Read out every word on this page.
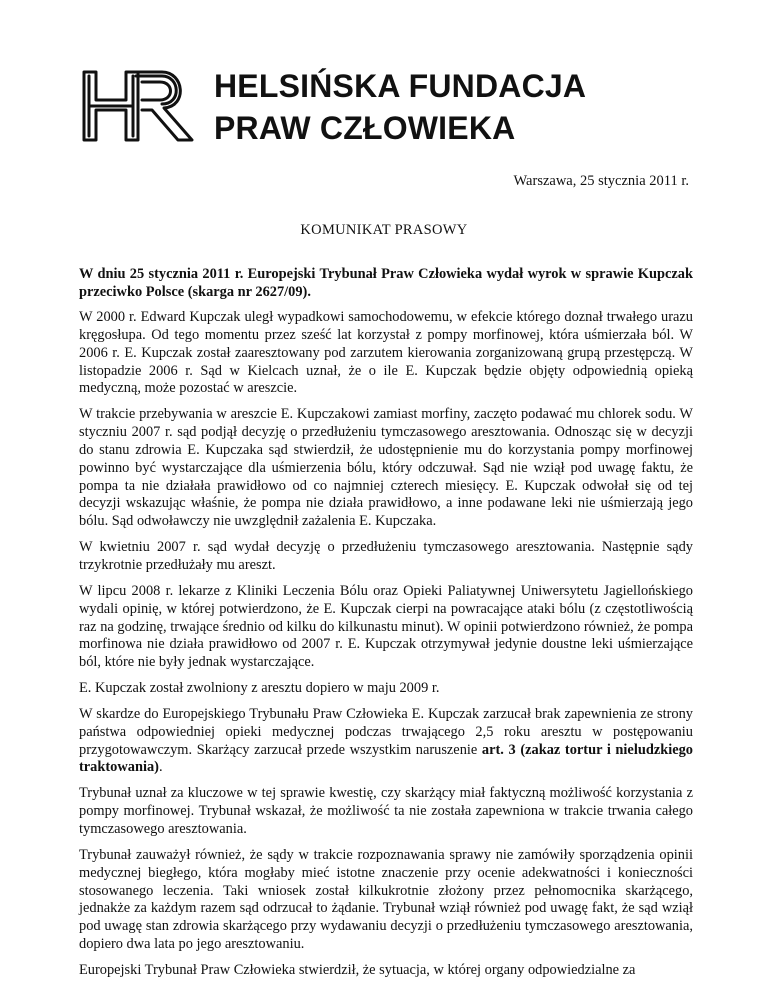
HELSIŃSKA FUNDACJA
PRAW CZŁOWIEKA
Warszawa, 25 stycznia 2011 r.
KOMUNIKAT PRASOWY

W dniu 25 stycznia 2011 r. Europejski Trybunał Praw Człowieka wydał wyrok w sprawie Kupczak przeciwko Polsce (skarga nr 2627/09).

W 2000 r. Edward Kupczak uległ wypadkowi samochodowemu, w efekcie którego doznał trwałego urazu kręgosłupa. Od tego momentu przez sześć lat korzystał z pompy morfinowej, która uśmierzała ból. W 2006 r. E. Kupczak został zaaresztowany pod zarzutem kierowania zorganizowaną grupą przestępczą. W listopadzie 2006 r. Sąd w Kielcach uznał, że o ile E. Kupczak będzie objęty odpowiednią opieką medyczną, może pozostać w areszcie.

W trakcie przebywania w areszcie E. Kupczakowi zamiast morfiny, zaczęto podawać mu chlorek sodu. W styczniu 2007 r. sąd podjął decyzję o przedłużeniu tymczasowego aresztowania. Odnosząc się w decyzji do stanu zdrowia E. Kupczaka sąd stwierdził, że udostępnienie mu do korzystania pompy morfinowej powinno być wystarczające dla uśmierzenia bólu, który odczuwał. Sąd nie wziął pod uwagę faktu, że pompa ta nie działała prawidłowo od co najmniej czterech miesięcy. E. Kupczak odwołał się od tej decyzji wskazując właśnie, że pompa nie działa prawidłowo, a inne podawane leki nie uśmierzają jego bólu. Sąd odwoławczy nie uwzględnił zażalenia E. Kupczaka.

W kwietniu 2007 r. sąd wydał decyzję o przedłużeniu tymczasowego aresztowania. Następnie sądy trzykrotnie przedłużały mu areszt.

W lipcu 2008 r. lekarze z Kliniki Leczenia Bólu oraz Opieki Paliatywnej Uniwersytetu Jagiellońskiego wydali opinię, w której potwierdzono, że E. Kupczak cierpi na powracające ataki bólu (z częstotliwością raz na godzinę, trwające średnio od kilku do kilkunastu minut). W opinii potwierdzono również, że pompa morfinowa nie działa prawidłowo od 2007 r. E. Kupczak otrzymywał jedynie doustne leki uśmierzające ból, które nie były jednak wystarczające.

E. Kupczak został zwolniony z aresztu dopiero w maju 2009 r.

W skardze do Europejskiego Trybunału Praw Człowieka E. Kupczak zarzucał brak zapewnienia ze strony państwa odpowiedniej opieki medycznej podczas trwającego 2,5 roku aresztu w postępowaniu przygotowawczym. Skarżący zarzucał przede wszystkim naruszenie art. 3 (zakaz tortur i nieludzkiego traktowania).

Trybunał uznał za kluczowe w tej sprawie kwestię, czy skarżący miał faktyczną możliwość korzystania z pompy morfinowej. Trybunał wskazał, że możliwość ta nie została zapewniona w trakcie trwania całego tymczasowego aresztowania.

Trybunał zauważył również, że sądy w trakcie rozpoznawania sprawy nie zamówiły sporządzenia opinii medycznej biegłego, która mogłaby mieć istotne znaczenie przy ocenie adekwatności i konieczności stosowanego leczenia. Taki wniosek został kilkukrotnie złożony przez pełnomocnika skarżącego, jednakże za każdym razem sąd odrzucał to żądanie. Trybunał wziął również pod uwagę fakt, że sąd wziął pod uwagę stan zdrowia skarżącego przy wydawaniu decyzji o przedłużeniu tymczasowego aresztowania, dopiero dwa lata po jego aresztowaniu.

Europejski Trybunał Praw Człowieka stwierdził, że sytuacja, w której organy odpowiedzialne za
